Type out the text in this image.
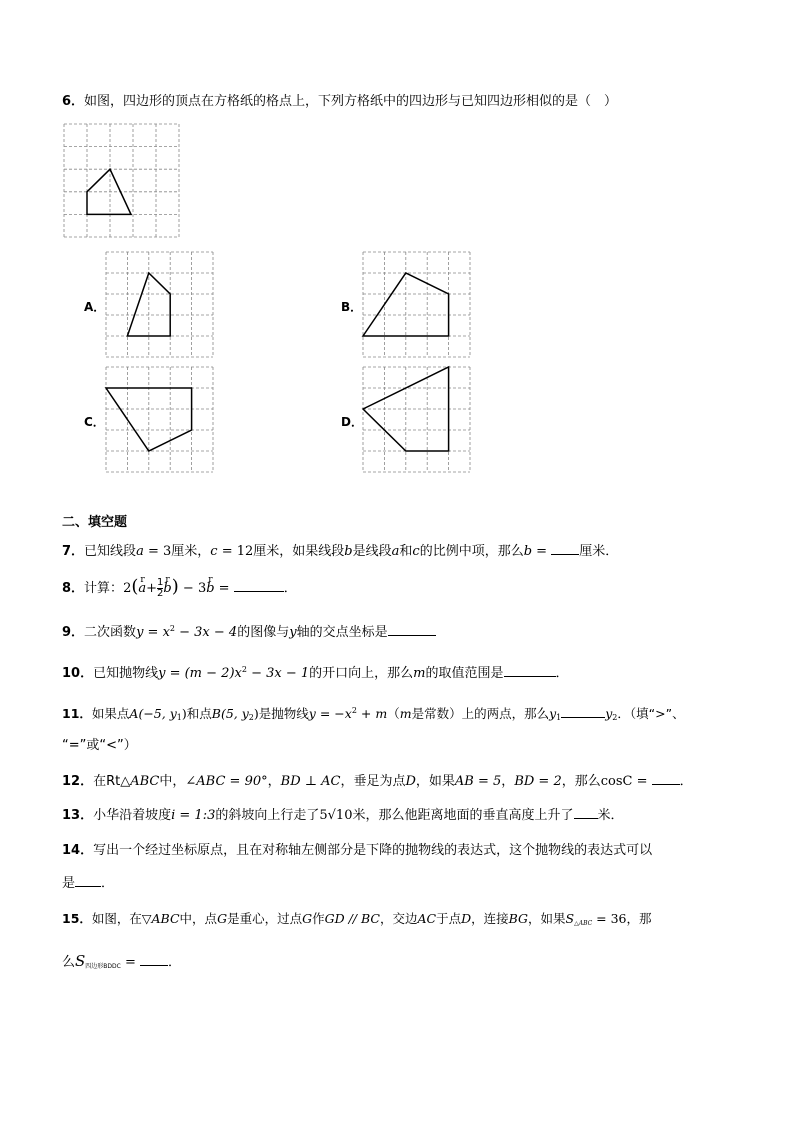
6．如图，四边形的顶点在方格纸的格点上，下列方格纸中的四边形与已知四边形相似的是（　）
A．	B．
C．	D．
二、填空题
7．已知线段a = 3厘米，c = 12厘米，如果线段b是线段a和c的比例中项，那么b = 厘米．
8．计算：2(r $a+ \frac{1}{2}$
r b) − 3r b =	．
9．二次函数$y = x^2 - 3x - 4$的图像与y轴的交点坐标是
10．已知抛物线$y = (m - 2)x^2 - 3x - 1$的开口向上，那么m的取值范围是	．
11．如果点A(−5, $y_1$)和点B(5, $y_2$)是抛物线$y = -x^2 + m(m$是常数）上的两点，那么$y_1$	$y_2$．（填“>”、
“=”或“<”）
12．在Rt△ABC中，∠ABC = 90°，BD ⊥ AC，垂足为点D，如果AB = 5，BD = 2，那么cosC = ．
13．小华沿着坡度i = 1:3的斜坡向上行走了5√10米，那么他距离地面的垂直高度上升了 米．
14．写出一个经过坐标原点，且在对称轴左侧部分是下降的抛物线的表达式，这个抛物线的表达式可以
是 ．
15．如图，在▽ABC中，点G是重心，过点G作GD // BC，交边AC于点D，连接BG，如果$S_{\triangle ABC} = 36$，那
么$S_{四边形BDDC}$ = ．
